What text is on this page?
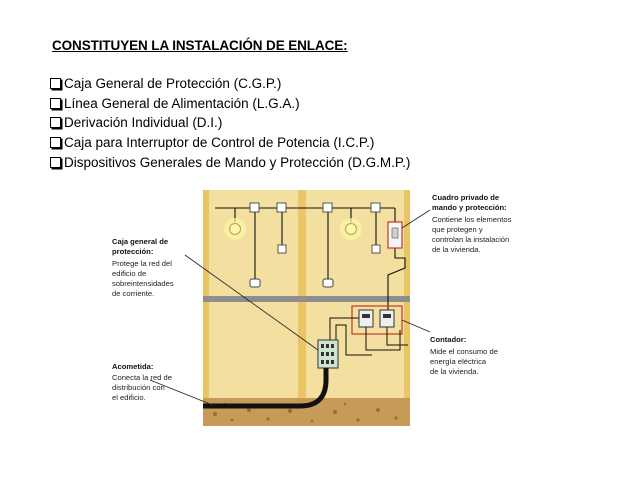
CONSTITUYEN LA INSTALACIÓN DE ENLACE:
Caja General de Protección (C.G.P.)
Línea General de Alimentación (L.G.A.)
Derivación Individual (D.I.)
Caja para Interruptor de Control de Potencia (I.C.P.)
Dispositivos Generales de Mando y Protección (D.G.M.P.)
Caja general de
protección:
Protege la red del
edificio de
sobreintensidades
de corriente.
Acometida:
Conecta la red de
distribución con
el edificio.
Cuadro privado de
mando y protección:
Contiene los elementos
que protegen y
controlan la instalación
de la vivienda.
Contador:
Mide el consumo de
energía eléctrica
de la vivienda.
